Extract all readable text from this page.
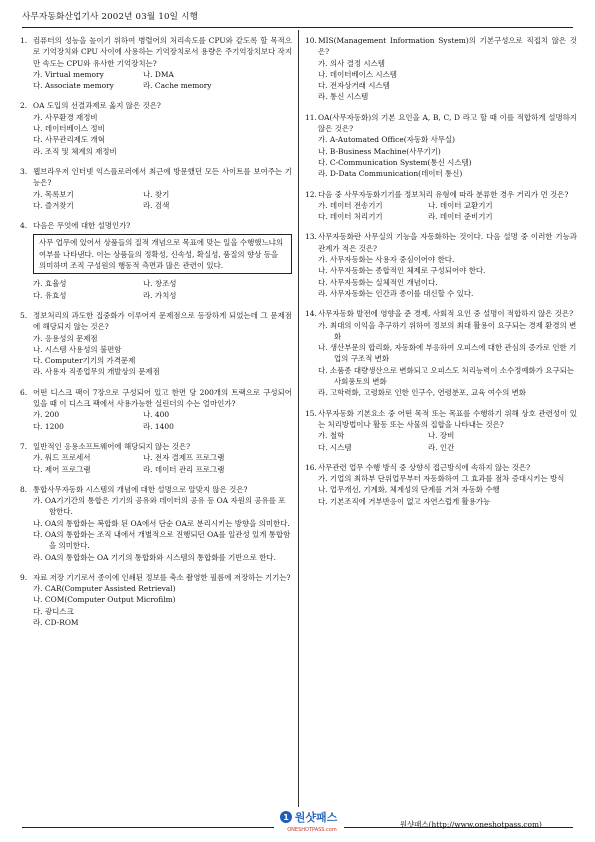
사무자동화산업기사 2002년 03월 10일 시행
1. 컴퓨터의 성능을 높이기 위하여 병렬어의 처리속도를 CPU와 같도록 할 목적으로 기억장치와 CPU 사이에 사용하는 기억장치로서 용량은 주기억장치보다 작지만 속도는 CPU와 유사한 기억장치는?
가. Virtual memory	나. DMA
다. Associate memory	라. Cache memory
2. OA 도입의 선결과제로 옳지 않은 것은?
가. 사무환경 재정비
나. 데이터베이스 정비
다. 사무관리제도 개혁
라. 조직 및 체계의 재정비
3. 웹브라우저 인터넷 익스플로러에서 최근에 방문했던 모든 사이트를 보여주는 기능은?
가. 목록보기	나. 찾기
다. 즐겨찾기	라. 검색
4. 다음은 무엇에 대한 설명인가?
사무 업무에 있어서 상품들의 질적 개념으로 목표에 맞는 일을 수행했느냐의 여부를 나타낸다. 이는 상품들의 정확성, 신속성, 확실성, 품질의 향상 등을 의미하며 조직 구성원의 행동적 측면과 많은 관련이 있다.
가. 효율성	나. 창조성
다. 유효성	라. 가치성
5. 정보처리의 과도한 집중화가 이루어져 문제점으로 등장하게 되었는데 그 문제점에 해당되지 않는 것은?
가. 응용성의 문제점
나. 시스템 사용성의 불편함
다. Computer기기의 가격문제
라. 사용자 직종업무의 개발상의 문제점
6. 어떤 디스크 팩이 7장으로 구성되어 있고 한면 당 200개의 트랙으로 구성되어 있을 때 이 디스크 팩에서 사용가능한 실린더의 수는 얼마인가?
가. 200	나. 400
다. 1200	라. 1400
7. 일반적인 응용소프트웨어에 해당되지 않는 것은?
가. 워드 프로세서	나. 전자 결제프 프로그램
다. 제어 프로그램	라. 데이터 관리 프로그램
8. 통합사무자동화 시스템의 개념에 대한 설명으로 알맞지 않은 것은?
가. OA기기간의 통합은 기기의 공유와 데이터의 공유 등 OA 자원의 공유를 포함한다.
나. OA의 통합화는 복합화 된 OA에서 단순 OA로 분리시키는 방향을 의미한다.
다. OA의 통합화는 조직 내에서 개별적으로 진행되던 OA를 일관성 있게 통합함을 의미한다.
라. OA의 통합화는 OA 기기의 통합화와 시스템의 통합화를 기반으로 한다.
9. 자료 저장 기기로서 종이에 인쇄된 정보를 축소 촬영한 필름에 저장하는 기기는?
가. CAR(Computer Assisted Retrieval)
나. COM(Computer Output Microfilm)
다. 광디스크
라. CD-ROM
10. MIS(Management Information System)의 기본구성으로 직접치 않은 것은?
가. 의사 결정 시스템
나. 데이터베이스 시스템
다. 전자상거래 시스템
라. 통신 시스템
11. OA(사무자동화)의 기본 요인을 A, B, C, D 라고 할 때 이를 적합하게 설명하지 않은 것은?
가. A-Automated Office(자동화 사무실)
나. B-Business Machine(사무기기)
다. C-Communication System(통신 시스템)
라. D-Data Communication(데이터 통신)
12. 다음 중 사무자동화기기를 정보처리 유형에 따라 분류한 경우 거리가 먼 것은?
가. 데이터 전송기기	나. 데이터 교환기기
다. 데이터 처리기기	라. 데이터 준비기기
13. 사무자동화란 사무실의 기능을 자동화하는 것이다. 다음 설명 중 이러한 기능과 관계가 적은 것은?
가. 사무자동화는 사용자 중심이어야 한다.
나. 사무자동화는 종합적인 체제로 구성되어야 한다.
다. 사무자동화는 실체적인 개념이다.
라. 사무자동화는 인간과 종이를 대신할 수 있다.
14. 사무자동화 발전에 영향을 준 경제, 사회적 요인 중 설명이 적합하지 않은 것은?
가. 최대의 이익을 추구하기 위하여 정보의 최대 활용이 요구되는 경제 환경의 변화
나. 생산부문의 합리화, 자동화에 부응하여 오피스에 대한 관심의 증가로 인한 기업의 구조적 변화
다. 소품종 대량생산으로 변화되고 오피스도 처리능력이 소수정예화가 요구되는 사회풍토의 변화
라. 고학력화, 고령화로 인한 인구수, 연령분포, 교육 여수의 변화
15. 사무자동화 기본요소 중 어떤 목적 또는 목표를 수행하기 위해 상호 관련성이 있는 처리방법이나 활동 또는 사물의 집합을 나타내는 것은?
가. 철학	나. 장비
다. 시스템	라. 인간
16. 사무관련 업무 수행 방식 중 상향식 접근방식에 속하지 않는 것은?
가. 기업의 최하부 단위업무부터 자동화하여 그 효과를 점차 증대시키는 방식
나. 업무개선, 기계화, 체계성의 단계를 거쳐 자동화 수행
다. 기본조직에 거부반응이 없고 자연스럽게 활용가능
1 원샷패스
ONESHOTPASS.com
원샷패스(http://www.oneshotpass.com)
